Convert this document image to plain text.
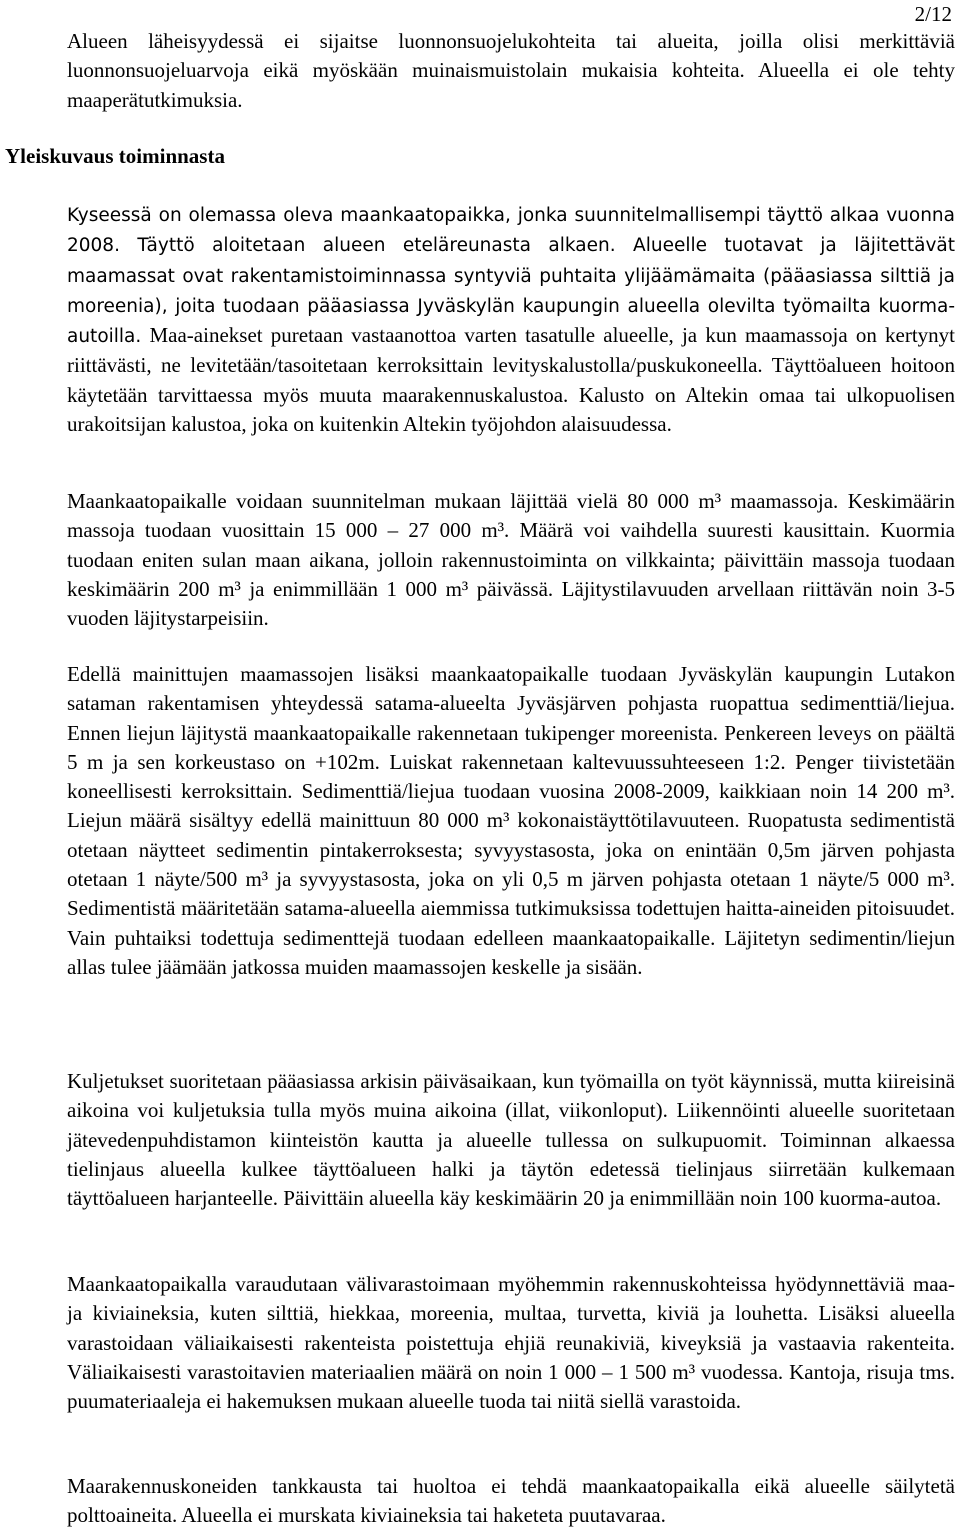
2/12

Alueen läheisyydessä ei sijaitse luonnonsuojelukohteita tai alueita, joilla olisi merkittäviä luonnonsuojeluarvoja eikä myöskään muinaismuistolain mukaisia kohteita. Alueella ei ole tehty maaperätutkimuksia.

Yleiskuvaus toiminnasta

Kyseessä on olemassa oleva maankaatopaikka, jonka suunnitelmallisempi täyttö alkaa vuonna 2008. Täyttö aloitetaan alueen eteläreunasta alkaen. Alueelle tuotavat ja läjitettävät maamassat ovat rakentamistoiminnassa syntyviä puhtaita ylijäämämaita (pääasiassa silttiä ja moreenia), joita tuodaan pääasiassa Jyväskylän kaupungin alueella olevilta työmailta kuorma-autoilla. Maa-ainekset puretaan vastaanottoa varten tasatulle alueelle, ja kun maamassoja on kertynyt riittävästi, ne levitetään/tasoitetaan kerroksittain levityskalustolla/puskukoneella. Täyttöalueen hoitoon käytetään tarvittaessa myös muuta maarakennuskalustoa. Kalusto on Altekin omaa tai ulkopuolisen urakoitsijan kalustoa, joka on kuitenkin Altekin työjohdon alaisuudessa.

Maankaatopaikalle voidaan suunnitelman mukaan läjittää vielä 80 000 m³ maamassoja. Keskimäärin massoja tuodaan vuosittain 15 000 – 27 000 m³. Määrä voi vaihdella suuresti kausittain. Kuormia tuodaan eniten sulan maan aikana, jolloin rakennustoiminta on vilkkainta; päivittäin massoja tuodaan keskimäärin 200 m³ ja enimmillään 1 000 m³ päivässä. Läjitystilavuuden arvellaan riittävän noin 3-5 vuoden läjitystarpeisiin.

Edellä mainittujen maamassojen lisäksi maankaatopaikalle tuodaan Jyväskylän kaupungin Lutakon sataman rakentamisen yhteydessä satama-alueelta Jyväsjärven pohjasta ruopattua sedimenttiä/liejua. Ennen liejun läjitystä maankaatopaikalle rakennetaan tukipenger moreenista. Penkereen leveys on päältä 5 m ja sen korkeustaso on +102m. Luiskat rakennetaan kaltevuussuhteeseen 1:2. Penger tiivistetään koneellisesti kerroksittain. Sedimenttiä/liejua tuodaan vuosina 2008-2009, kaikkiaan noin 14 200 m³. Liejun määrä sisältyy edellä mainittuun 80 000 m³ kokonaistäyttötilavuuteen. Ruopatusta sedimentistä otetaan näytteet sedimentin pintakerroksesta; syvyystasosta, joka on enintään 0,5m järven pohjasta otetaan 1 näyte/500 m³ ja syvyystasosta, joka on yli 0,5 m järven pohjasta otetaan 1 näyte/5 000 m³. Sedimentistä määritetään satama-alueella aiemmissa tutkimuksissa todettujen haitta-aineiden pitoisuudet. Vain puhtaiksi todettuja sedimenttejä tuodaan edelleen maankaatopaikalle. Läjitetyn sedimentin/liejun allas tulee jäämään jatkossa muiden maamassojen keskelle ja sisään.

Kuljetukset suoritetaan pääasiassa arkisin päiväsaikaan, kun työmailla on työt käynnissä, mutta kiireisinä aikoina voi kuljetuksia tulla myös muina aikoina (illat, viikonloput). Liikennöinti alueelle suoritetaan jätevedenpuhdistamon kiinteistön kautta ja alueelle tullessa on sulkupuomit. Toiminnan alkaessa tielinjaus alueella kulkee täyttöalueen halki ja täytön edetessä tielinjaus siirretään kulkemaan täyttöalueen harjanteelle. Päivittäin alueella käy keskimäärin 20 ja enimmillään noin 100 kuorma-autoa.

Maankaatopaikalla varaudutaan välivarastoimaan myöhemmin rakennuskohteissa hyödynnettäviä maa- ja kiviaineksia, kuten silttiä, hiekkaa, moreenia, multaa, turvetta, kiviä ja louhetta. Lisäksi alueella varastoidaan väliaikaisesti rakenteista poistettuja ehjiä reunakiviä, kiveyksiä ja vastaavia rakenteita. Väliaikaisesti varastoitavien materiaalien määrä on noin 1 000 – 1 500 m³ vuodessa. Kantoja, risuja tms. puumateriaaleja ei hakemuksen mukaan alueelle tuoda tai niitä siellä varastoida.

Maarakennuskoneiden tankkausta tai huoltoa ei tehdä maankaatopaikalla eikä alueelle säilytetä polttoaineita. Alueella ei murskata kiviaineksia tai haketeta puutavaraa.
